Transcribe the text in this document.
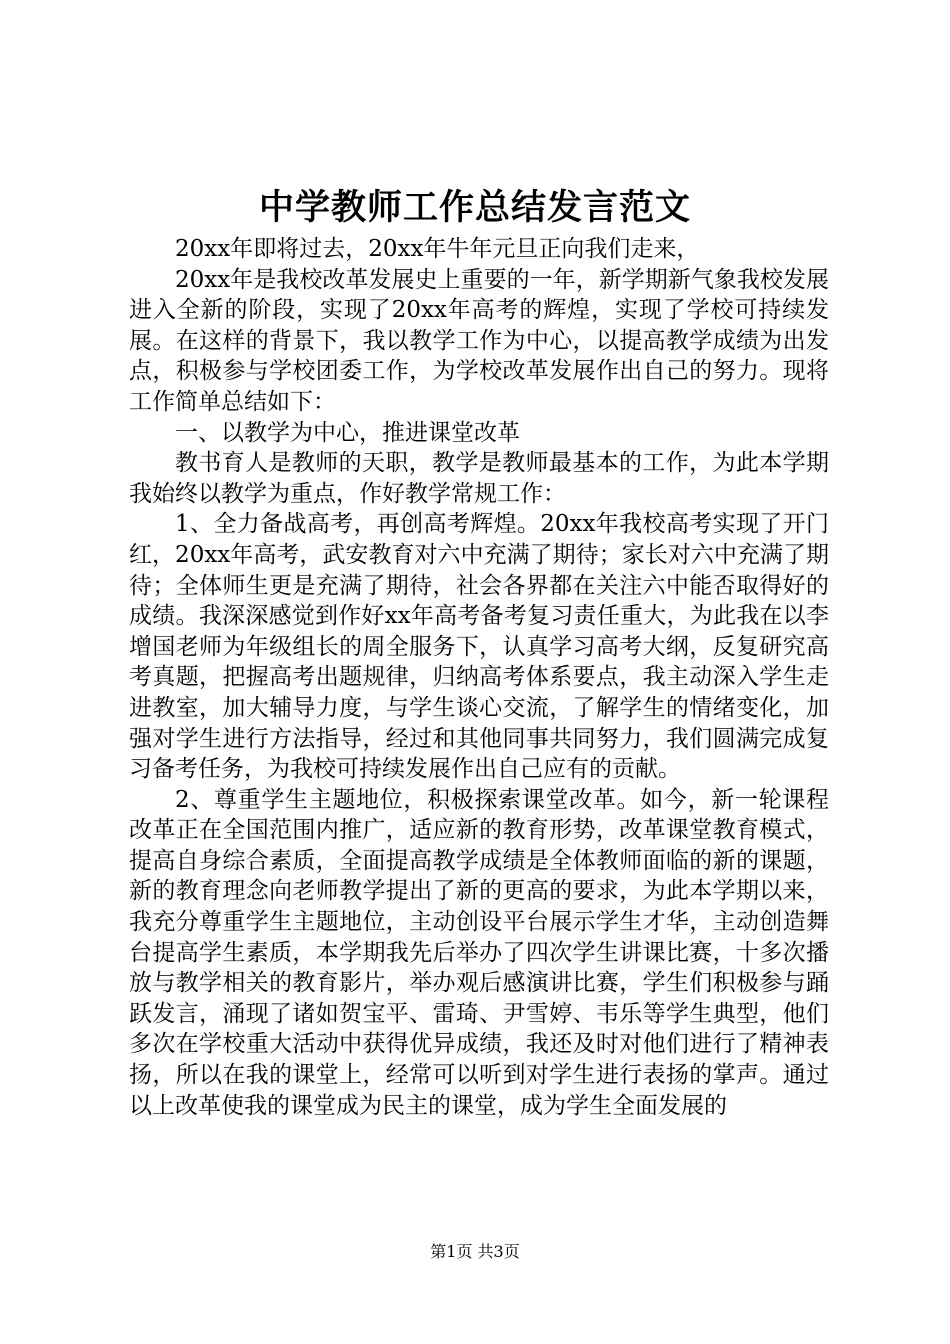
中学教师工作总结发言范文

20xx年即将过去，20xx年牛年元旦正向我们走来，

20xx年是我校改革发展史上重要的一年，新学期新气象我校发展进入全新的阶段，实现了20xx年高考的辉煌，实现了学校可持续发展。在这样的背景下，我以教学工作为中心，以提高教学成绩为出发点，积极参与学校团委工作，为学校改革发展作出自己的努力。现将工作简单总结如下：

一、以教学为中心，推进课堂改革

教书育人是教师的天职，教学是教师最基本的工作，为此本学期我始终以教学为重点，作好教学常规工作：

1、全力备战高考，再创高考辉煌。20xx年我校高考实现了开门红，20xx年高考，武安教育对六中充满了期待；家长对六中充满了期待；全体师生更是充满了期待，社会各界都在关注六中能否取得好的成绩。我深深感觉到作好xx年高考备考复习责任重大，为此我在以李增国老师为年级组长的周全服务下，认真学习高考大纲，反复研究高考真题，把握高考出题规律，归纳高考体系要点，我主动深入学生走进教室，加大辅导力度，与学生谈心交流，了解学生的情绪变化，加强对学生进行方法指导，经过和其他同事共同努力，我们圆满完成复习备考任务，为我校可持续发展作出自己应有的贡献。

2、尊重学生主题地位，积极探索课堂改革。如今，新一轮课程改革正在全国范围内推广，适应新的教育形势，改革课堂教育模式，提高自身综合素质，全面提高教学成绩是全体教师面临的新的课题，新的教育理念向老师教学提出了新的更高的要求，为此本学期以来，我充分尊重学生主题地位，主动创设平台展示学生才华，主动创造舞台提高学生素质，本学期我先后举办了四次学生讲课比赛，十多次播放与教学相关的教育影片，举办观后感演讲比赛，学生们积极参与踊跃发言，涌现了诸如贺宝平、雷琦、尹雪婷、韦乐等学生典型，他们多次在学校重大活动中获得优异成绩，我还及时对他们进行了精神表扬，所以在我的课堂上，经常可以听到对学生进行表扬的掌声。通过以上改革使我的课堂成为民主的课堂，成为学生全面发展的

第1页 共3页
